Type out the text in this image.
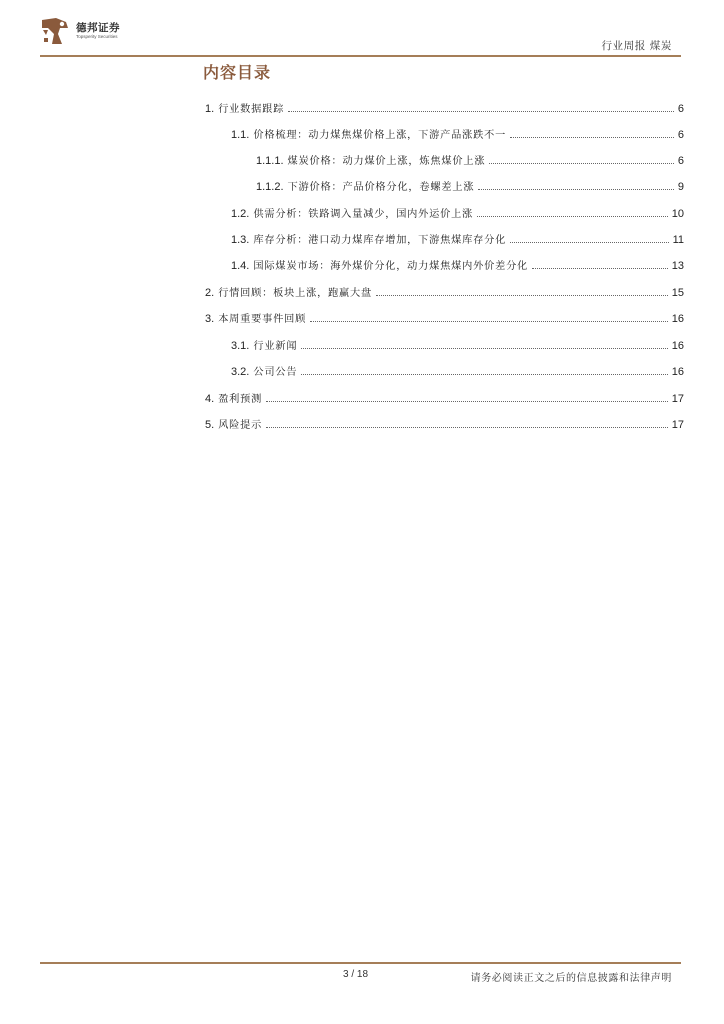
德邦证券
Topsperity Securities
行业周报 煤炭
内容目录
1. 行业数据跟踪	6
1.1. 价格梳理：动力煤焦煤价格上涨，下游产品涨跌不一	6
1.1.1. 煤炭价格：动力煤价上涨，炼焦煤价上涨	6
1.1.2. 下游价格：产品价格分化，卷螺差上涨	9
1.2. 供需分析：铁路调入量减少，国内外运价上涨	10
1.3. 库存分析：港口动力煤库存增加，下游焦煤库存分化	11
1.4. 国际煤炭市场：海外煤价分化，动力煤焦煤内外价差分化	13
2. 行情回顾：板块上涨，跑赢大盘	15
3. 本周重要事件回顾	16
3.1. 行业新闻	16
3.2. 公司公告	16
4. 盈利预测	17
5. 风险提示	17
3 / 18	请务必阅读正文之后的信息披露和法律声明
